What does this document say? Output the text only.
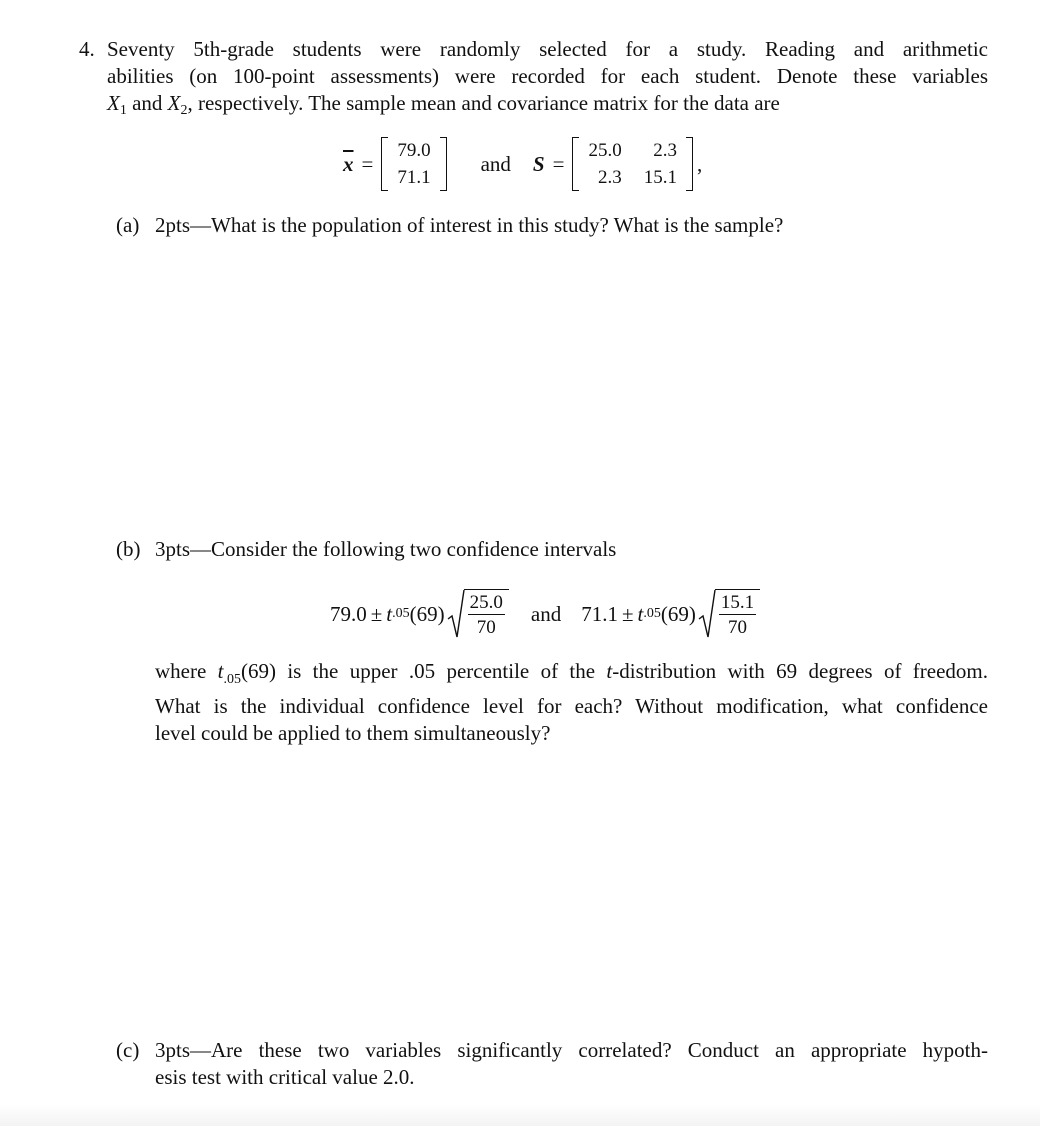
4. Seventy 5th-grade students were randomly selected for a study. Reading and arithmetic
abilities (on 100-point assessments) were recorded for each student. Denote these variables
$X_1$ and $X_2$, respectively. The sample mean and covariance matrix for the data are
$\overline{x}$ =
79.0
71.1
and S =
25.0	2.3
2.3	15.1
,
(a) 2pts—What is the population of interest in this study? What is the sample?
(b) 3pts—Consider the following two confidence intervals
79.0 ± t .05 $(69) \frac{25.0}{70}$ and 71.1 ± t .05 $(69) \frac{15.1}{70}$
where $t_{.05}(69)$ is the upper .05 percentile of the t-distribution with 69 degrees of freedom.
What is the individual confidence level for each? Without modification, what confidence
level could be applied to them simultaneously?
(c) 3pts—Are these two variables significantly correlated? Conduct an appropriate hypoth-
esis test with critical value 2.0.
